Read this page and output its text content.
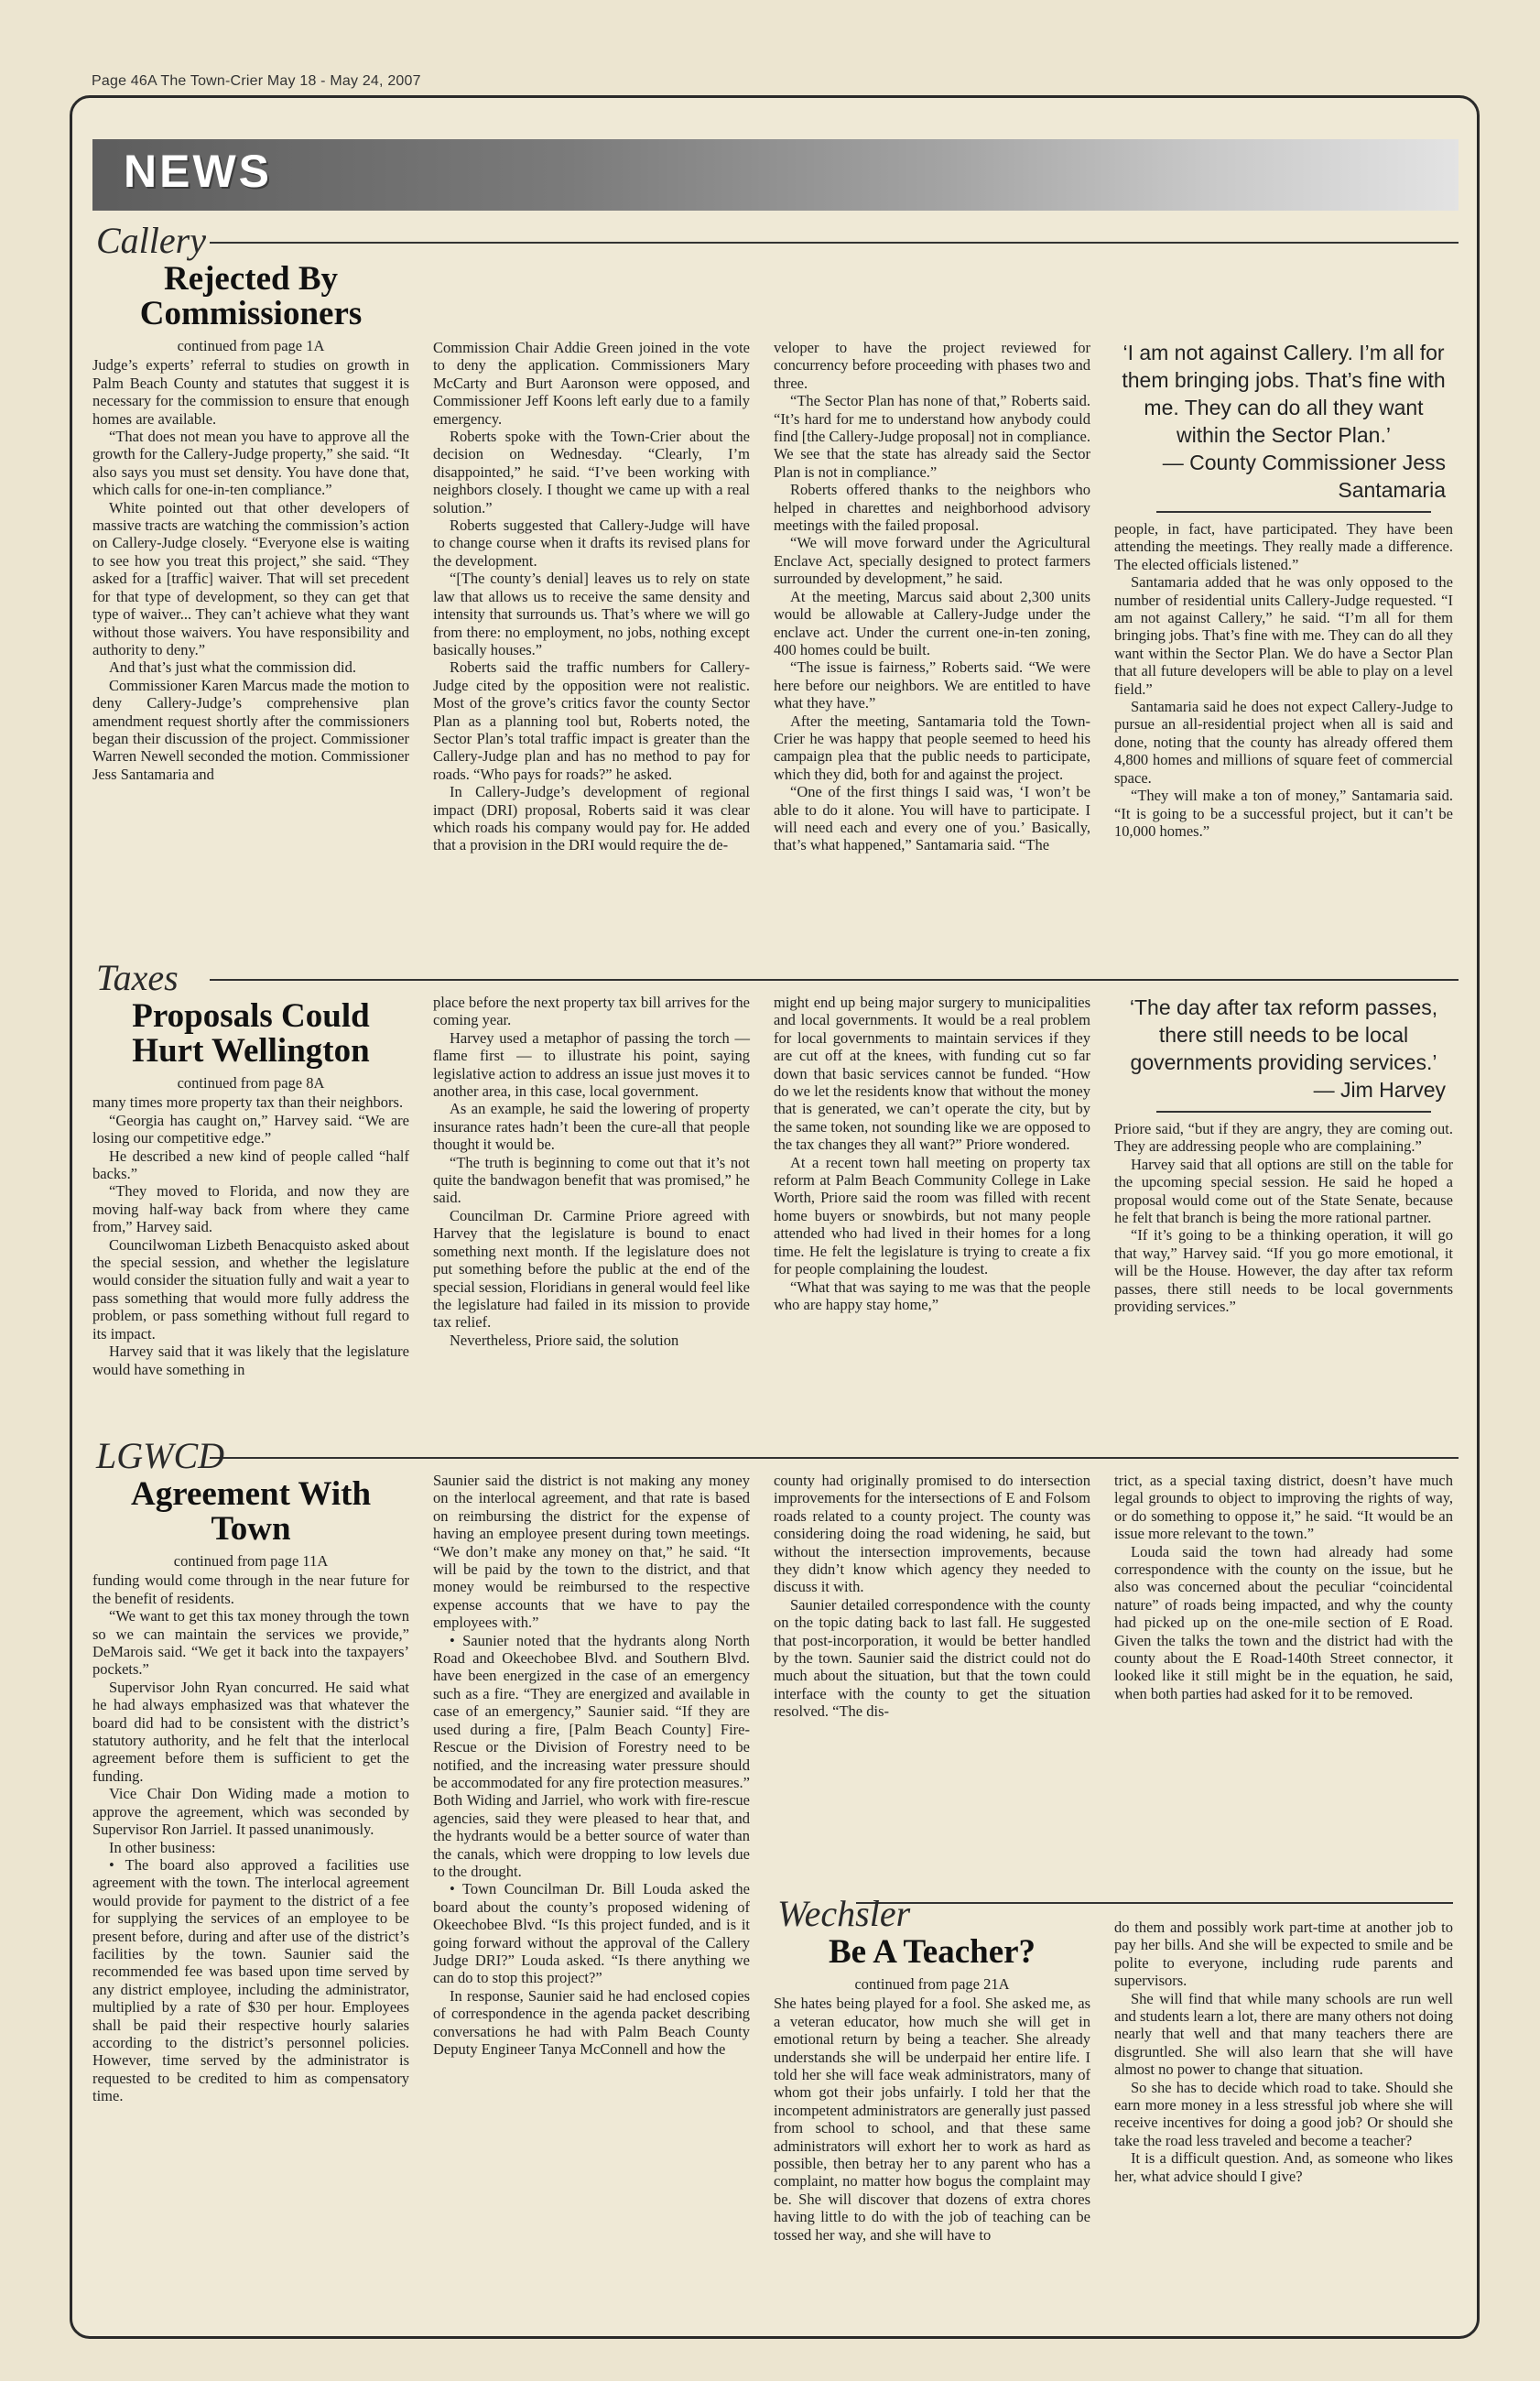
Page 46A The Town-Crier May 18 - May 24, 2007
NEWS
Callery
Rejected By Commissioners
continued from page 1A

Judge’s experts’ referral to studies on growth in Palm Beach County and statutes that suggest it is necessary for the commission to ensure that enough homes are available.

“That does not mean you have to approve all the growth for the Callery-Judge property,” she said. “It also says you must set density. You have done that, which calls for one-in-ten compliance.”

White pointed out that other developers of massive tracts are watching the commission’s action on Callery-Judge closely. “Everyone else is waiting to see how you treat this project,” she said. “They asked for a [traffic] waiver. That will set precedent for that type of development, so they can get that type of waiver... They can’t achieve what they want without those waivers. You have responsibility and authority to deny.”

And that’s just what the commission did.

Commissioner Karen Marcus made the motion to deny Callery-Judge’s comprehensive plan amendment request shortly after the commissioners began their discussion of the project. Commissioner Warren Newell seconded the motion. Commissioner Jess Santamaria and

Commission Chair Addie Green joined in the vote to deny the application. Commissioners Mary McCarty and Burt Aaronson were opposed, and Commissioner Jeff Koons left early due to a family emergency.

Roberts spoke with the Town-Crier about the decision on Wednesday. “Clearly, I’m disappointed,” he said. “I’ve been working with neighbors closely. I thought we came up with a real solution.”

Roberts suggested that Callery-Judge will have to change course when it drafts its revised plans for the development.

“[The county’s denial] leaves us to rely on state law that allows us to receive the same density and intensity that surrounds us. That’s where we will go from there: no employment, no jobs, nothing except basically houses.”

Roberts said the traffic numbers for Callery-Judge cited by the opposition were not realistic. Most of the grove’s critics favor the county Sector Plan as a planning tool but, Roberts noted, the Sector Plan’s total traffic impact is greater than the Callery-Judge plan and has no method to pay for roads. “Who pays for roads?” he asked.

In Callery-Judge’s development of regional impact (DRI) proposal, Roberts said it was clear which roads his company would pay for. He added that a provision in the DRI would require the de-

veloper to have the project reviewed for concurrency before proceeding with phases two and three.

“The Sector Plan has none of that,” Roberts said. “It’s hard for me to understand how anybody could find [the Callery-Judge proposal] not in compliance. We see that the state has already said the Sector Plan is not in compliance.”

Roberts offered thanks to the neighbors who helped in charettes and neighborhood advisory meetings with the failed proposal.

“We will move forward under the Agricultural Enclave Act, specially designed to protect farmers surrounded by development,” he said.

At the meeting, Marcus said about 2,300 units would be allowable at Callery-Judge under the enclave act. Under the current one-in-ten zoning, 400 homes could be built.

“The issue is fairness,” Roberts said. “We were here before our neighbors. We are entitled to have what they have.”

After the meeting, Santamaria told the Town-Crier he was happy that people seemed to heed his campaign plea that the public needs to participate, which they did, both for and against the project.

“One of the first things I said was, ‘I won’t be able to do it alone. You will have to participate. I will need each and every one of you.’ Basically, that’s what happened,” Santamaria said. “The

‘I am not against Callery. I’m all for them bringing jobs. That’s fine with me. They can do all they want within the Sector Plan.’
— County Commissioner Jess Santamaria

people, in fact, have participated. They have been attending the meetings. They really made a difference. The elected officials listened.”

Santamaria added that he was only opposed to the number of residential units Callery-Judge requested. “I am not against Callery,” he said. “I’m all for them bringing jobs. That’s fine with me. They can do all they want within the Sector Plan. We do have a Sector Plan that all future developers will be able to play on a level field.”

Santamaria said he does not expect Callery-Judge to pursue an all-residential project when all is said and done, noting that the county has already offered them 4,800 homes and millions of square feet of commercial space.

“They will make a ton of money,” Santamaria said. “It is going to be a successful project, but it can’t be 10,000 homes.”

Taxes
Proposals Could Hurt Wellington
continued from page 8A

many times more property tax than their neighbors.

“Georgia has caught on,” Harvey said. “We are losing our competitive edge.”

He described a new kind of people called “half backs.”

“They moved to Florida, and now they are moving half-way back from where they came from,” Harvey said.

Councilwoman Lizbeth Benacquisto asked about the special session, and whether the legislature would consider the situation fully and wait a year to pass something that would more fully address the problem, or pass something without full regard to its impact.

Harvey said that it was likely that the legislature would have something in

place before the next property tax bill arrives for the coming year.

Harvey used a metaphor of passing the torch — flame first — to illustrate his point, saying legislative action to address an issue just moves it to another area, in this case, local government.

As an example, he said the lowering of property insurance rates hadn’t been the cure-all that people thought it would be.

“The truth is beginning to come out that it’s not quite the bandwagon benefit that was promised,” he said.

Councilman Dr. Carmine Priore agreed with Harvey that the legislature is bound to enact something next month. If the legislature does not put something before the public at the end of the special session, Floridians in general would feel like the legislature had failed in its mission to provide tax relief.

Nevertheless, Priore said, the solution

might end up being major surgery to municipalities and local governments. It would be a real problem for local governments to maintain services if they are cut off at the knees, with funding cut so far down that basic services cannot be funded. “How do we let the residents know that without the money that is generated, we can’t operate the city, but by the same token, not sounding like we are opposed to the tax changes they all want?” Priore wondered.

At a recent town hall meeting on property tax reform at Palm Beach Community College in Lake Worth, Priore said the room was filled with recent home buyers or snowbirds, but not many people attended who had lived in their homes for a long time. He felt the legislature is trying to create a fix for people complaining the loudest.

“What that was saying to me was that the people who are happy stay home,”

‘The day after tax reform passes, there still needs to be local governments providing services.’
— Jim Harvey

Priore said, “but if they are angry, they are coming out. They are addressing people who are complaining.”

Harvey said that all options are still on the table for the upcoming special session. He said he hoped a proposal would come out of the State Senate, because he felt that branch is being the more rational partner.

“If it’s going to be a thinking operation, it will go that way,” Harvey said. “If you go more emotional, it will be the House. However, the day after tax reform passes, there still needs to be local governments providing services.”

LGWCD
Agreement With Town
continued from page 11A

funding would come through in the near future for the benefit of residents.

“We want to get this tax money through the town so we can maintain the services we provide,” DeMarois said. “We get it back into the taxpayers’ pockets.”

Supervisor John Ryan concurred. He said what he had always emphasized was that whatever the board did had to be consistent with the district’s statutory authority, and he felt that the interlocal agreement before them is sufficient to get the funding.

Vice Chair Don Widing made a motion to approve the agreement, which was seconded by Supervisor Ron Jarriel. It passed unanimously.

In other business:

• The board also approved a facilities use agreement with the town. The interlocal agreement would provide for payment to the district of a fee for supplying the services of an employee to be present before, during and after use of the district’s facilities by the town. Saunier said the recommended fee was based upon time served by any district employee, including the administrator, multiplied by a rate of $30 per hour. Employees shall be paid their respective hourly salaries according to the district’s personnel policies. However, time served by the administrator is requested to be credited to him as compensatory time.

Saunier said the district is not making any money on the interlocal agreement, and that rate is based on reimbursing the district for the expense of having an employee present during town meetings. “We don’t make any money on that,” he said. “It will be paid by the town to the district, and that money would be reimbursed to the respective expense accounts that we have to pay the employees with.”

• Saunier noted that the hydrants along North Road and Okeechobee Blvd. and Southern Blvd. have been energized in the case of an emergency such as a fire. “They are energized and available in case of an emergency,” Saunier said. “If they are used during a fire, [Palm Beach County] Fire-Rescue or the Division of Forestry need to be notified, and the increasing water pressure should be accommodated for any fire protection measures.” Both Widing and Jarriel, who work with fire-rescue agencies, said they were pleased to hear that, and the hydrants would be a better source of water than the canals, which were dropping to low levels due to the drought.

• Town Councilman Dr. Bill Louda asked the board about the county’s proposed widening of Okeechobee Blvd. “Is this project funded, and is it going forward without the approval of the Callery Judge DRI?” Louda asked. “Is there anything we can do to stop this project?”

In response, Saunier said he had enclosed copies of correspondence in the agenda packet describing conversations he had with Palm Beach County Deputy Engineer Tanya McConnell and how the

county had originally promised to do intersection improvements for the intersections of E and Folsom roads related to a county project. The county was considering doing the road widening, he said, but without the intersection improvements, because they didn’t know which agency they needed to discuss it with.

Saunier detailed correspondence with the county on the topic dating back to last fall. He suggested that post-incorporation, it would be better handled by the town. Saunier said the district could not do much about the situation, but that the town could interface with the county to get the situation resolved. “The dis-

trict, as a special taxing district, doesn’t have much legal grounds to object to improving the rights of way, or do something to oppose it,” he said. “It would be an issue more relevant to the town.”

Louda said the town had already had some correspondence with the county on the issue, but he also was concerned about the peculiar “coincidental nature” of roads being impacted, and why the county had picked up on the one-mile section of E Road. Given the talks the town and the district had with the county about the E Road-140th Street connector, it looked like it still might be in the equation, he said, when both parties had asked for it to be removed.

Wechsler
Be A Teacher?
continued from page 21A

She hates being played for a fool. She asked me, as a veteran educator, how much she will get in emotional return by being a teacher. She already understands she will be underpaid her entire life. I told her she will face weak administrators, many of whom got their jobs unfairly. I told her that the incompetent administrators are generally just passed from school to school, and that these same administrators will exhort her to work as hard as possible, then betray her to any parent who has a complaint, no matter how bogus the complaint may be. She will discover that dozens of extra chores having little to do with the job of teaching can be tossed her way, and she will have to

do them and possibly work part-time at another job to pay her bills. And she will be expected to smile and be polite to everyone, including rude parents and supervisors.

She will find that while many schools are run well and students learn a lot, there are many others not doing nearly that well and that many teachers there are disgruntled. She will also learn that she will have almost no power to change that situation.

So she has to decide which road to take. Should she earn more money in a less stressful job where she will receive incentives for doing a good job? Or should she take the road less traveled and become a teacher?

It is a difficult question. And, as someone who likes her, what advice should I give?
